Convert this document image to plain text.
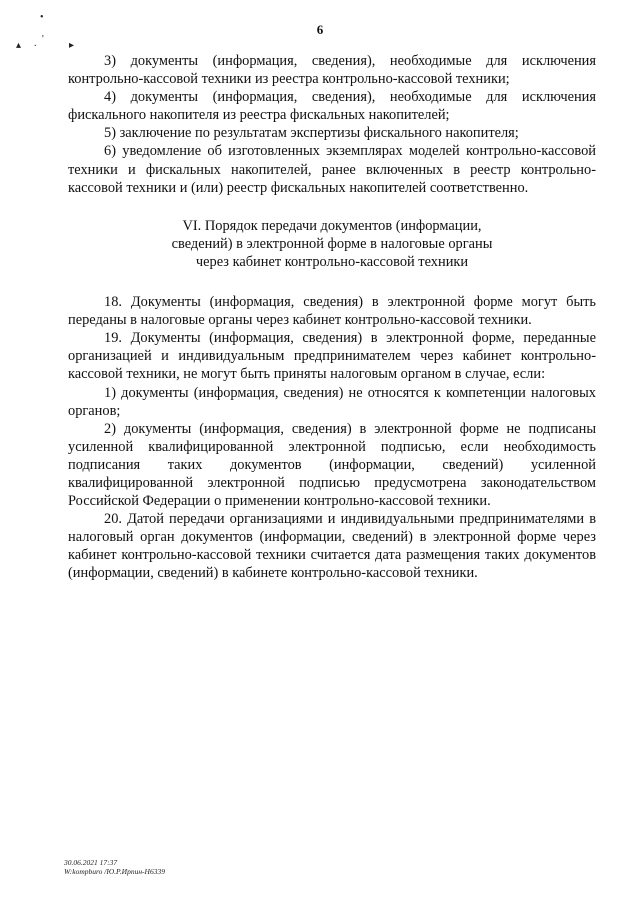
•
▴ . '
▸
6

3) документы (информация, сведения), необходимые для исключения контрольно-кассовой техники из реестра контрольно-кассовой техники;

4) документы (информация, сведения), необходимые для исключения фискального накопителя из реестра фискальных накопителей;

5) заключение по результатам экспертизы фискального накопителя;

6) уведомление об изготовленных экземплярах моделей контрольно-кассовой техники и фискальных накопителей, ранее включенных в реестр контрольно-кассовой техники и (или) реестр фискальных накопителей соответственно.

VI. Порядок передачи документов (информации,
сведений) в электронной форме в налоговые органы
через кабинет контрольно-кассовой техники

18. Документы (информация, сведения) в электронной форме могут быть переданы в налоговые органы через кабинет контрольно-кассовой техники.

19. Документы (информация, сведения) в электронной форме, переданные организацией и индивидуальным предпринимателем через кабинет контрольно-кассовой техники, не могут быть приняты налоговым органом в случае, если:

1) документы (информация, сведения) не относятся к компетенции налоговых органов;

2) документы (информация, сведения) в электронной форме не подписаны усиленной квалифицированной электронной подписью, если необходимость подписания таких документов (информации, сведений) усиленной квалифицированной электронной подписью предусмотрена законодательством Российской Федерации о применении контрольно-кассовой техники.

20. Датой передачи организациями и индивидуальными предпринимателями в налоговый орган документов (информации, сведений) в электронной форме через кабинет контрольно-кассовой техники считается дата размещения таких документов (информации, сведений) в кабинете контрольно-кассовой техники.

30.06.2021 17:37
W:kompburo /Ю.Р.Ирпин-Н6339
